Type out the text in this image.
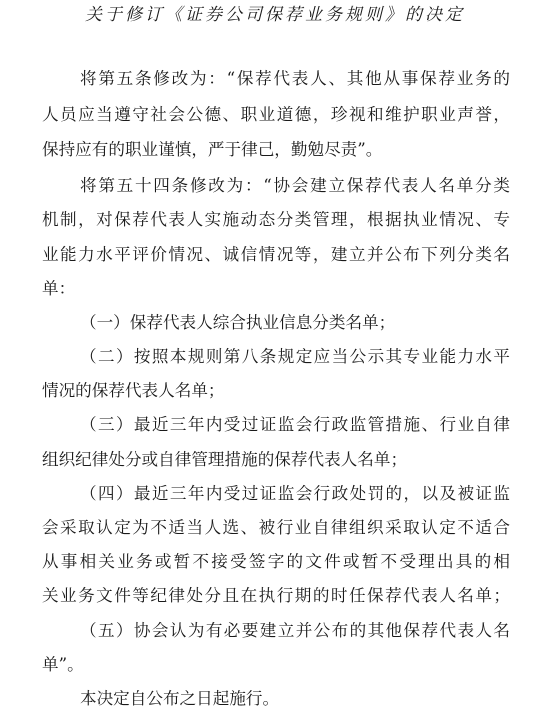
关于修订《证券公司保荐业务规则》的决定
将第五条修改为：“保荐代表人、其他从事保荐业务的
人员应当遵守社会公德、职业道德，珍视和维护职业声誉，
保持应有的职业谨慎，严于律己，勤勉尽责”。
将第五十四条修改为：“协会建立保荐代表人名单分类
机制，对保荐代表人实施动态分类管理，根据执业情况、专
业能力水平评价情况、诚信情况等，建立并公布下列分类名
单：
（一）保荐代表人综合执业信息分类名单；
（二）按照本规则第八条规定应当公示其专业能力水平
情况的保荐代表人名单；
（三）最近三年内受过证监会行政监管措施、行业自律
组织纪律处分或自律管理措施的保荐代表人名单；
（四）最近三年内受过证监会行政处罚的，以及被证监
会采取认定为不适当人选、被行业自律组织采取认定不适合
从事相关业务或暂不接受签字的文件或暂不受理出具的相
关业务文件等纪律处分且在执行期的时任保荐代表人名单；
（五）协会认为有必要建立并公布的其他保荐代表人名
单”。
本决定自公布之日起施行。
